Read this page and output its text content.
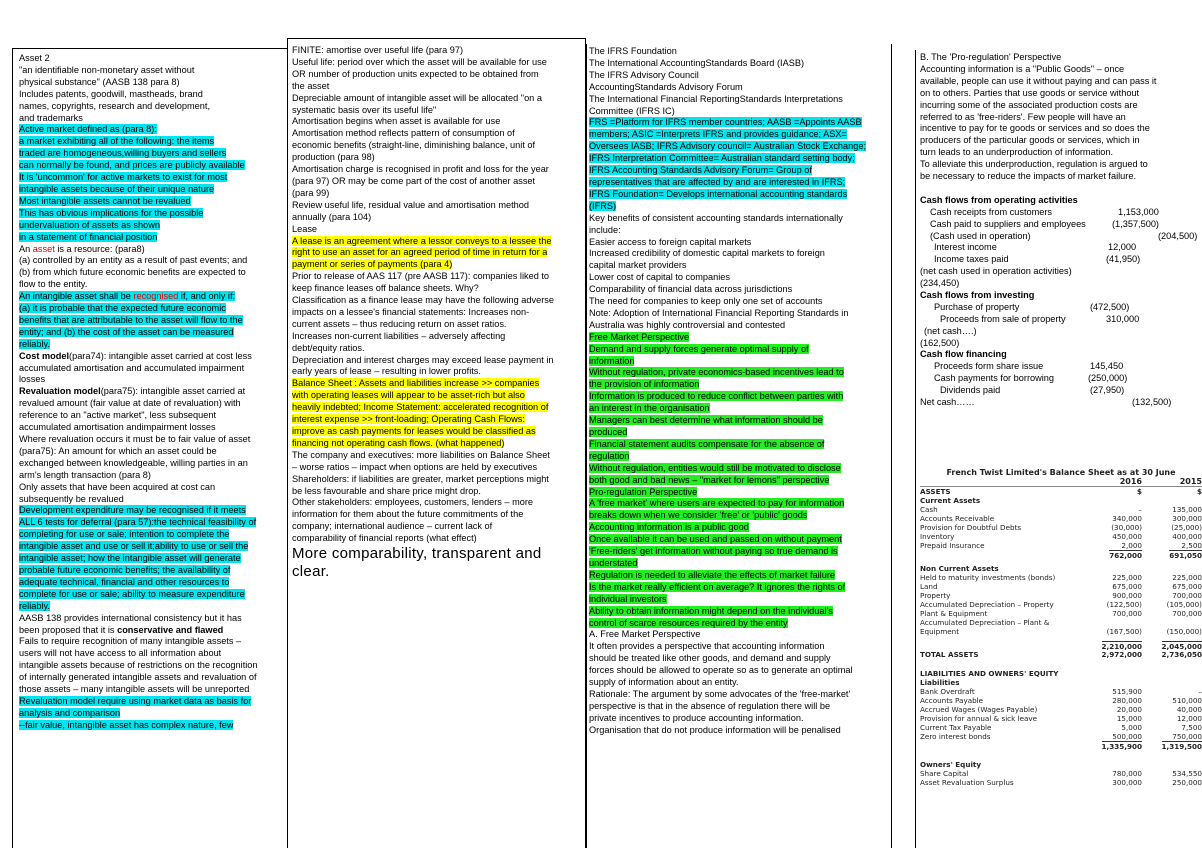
Asset 2
"an identifiable non-monetary asset without
physical substance" (AASB 138 para 8)
Includes patents, goodwill, mastheads, brand
names, copyrights, research and development,
and trademarks
Active market defined as (para 8):
a market exhibiting all of the following: the items
traded are homogeneous,willing buyers and sellers
can normally be found, and prices are publicly available
It is 'uncommon' for active markets to exist for most
intangible assets because of their unique nature
Most intangible assets cannot be revalued
This has obvious implications for the possible
undervaluation of assets as shown
in a statement of financial position
An asset is a resource: (para8)
(a) controlled by an entity as a result of past events; and
(b) from which future economic benefits are expected to
flow to the entity.
An intangible asset shall be recognised if, and only if:
(a) it is probable that the expected future economic
benefits that are attributable to the asset will flow to the
entity; and (b) the cost of the asset can be measured
reliably.
Cost model(para74): intangible asset carried at cost less
accumulated amortisation and accumulated impairment
losses
Revaluation model(para75): intangible asset carried at
revalued amount (fair value at date of revaluation) with
reference to an "active market", less subsequent
accumulated amortisation andimpairment losses
Where revaluation occurs it must be to fair value of asset
(para75): An amount for which an asset could be
exchanged between knowledgeable, willing parties in an
arm's length transaction (para 8)
Only assets that have been acquired at cost can
subsequently be revalued
Development expenditure may be recognised if it meets
ALL 6 tests for deferral (para 57):the technical feasibility of
completing for use or sale; intention to complete the
intangible asset and use or sell it;ability to use or sell the
intangible asset; how the intangible asset will generate
probable future economic benefits; the availability of
adequate technical, financial and other resources to
complete for use or sale; ability to measure expenditure
reliably.
AASB 138 provides international consistency but it has
been proposed that it is conservative and flawed
Fails to require recognition of many intangible assets –
users will not have access to all information about
intangible assets because of restrictions on the recognition
of internally generated intangible assets and revaluation of
those assets – many intangible assets will be unreported
Revaluation model require using market data as basis for
analysis and comparison
--fair value, intangible asset has complex nature, few
FINITE: amortise over useful life (para 97)
Useful life: period over which the asset will be available for use
OR number of production units expected to be obtained from
the asset
Depreciable amount of intangible asset will be allocated "on a
systematic basis over its useful life"
Amortisation begins when asset is available for use
Amortisation method reflects pattern of consumption of
economic benefits (straight-line, diminishing balance, unit of
production (para 98)
Amortisation charge is recognised in profit and loss for the year
(para 97) OR may be come part of the cost of another asset
(para 99)
Review useful life, residual value and amortisation method
annually (para 104)
Lease
A lease is an agreement where a lessor conveys to a lessee the
right to use an asset for an agreed period of time in return for a
payment or series of payments (para 4)
Prior to release of AAS 117 (pre AASB 117): companies liked to
keep finance leases off balance sheets. Why?
Classification as a finance lease may have the following adverse
impacts on a lessee's financial statements: Increases non-
current assets – thus reducing return on asset ratios.
Increases non-current liabilities – adversely affecting
debt/equity ratios.
Depreciation and interest charges may exceed lease payment in
early years of lease – resulting in lower profits.
Balance Sheet : Assets and liabilities increase >> companies
with operating leases will appear to be asset-rich but also
heavily indebted; Income Statement: accelerated recognition of
interest expense >> front-loading; Operating Cash Flows:
improve as cash payments for leases would be classified as
financing not operating cash flows. (what happened)
The company and executives: more liabilities on Balance Sheet
– worse ratios – impact when options are held by executives
Shareholders: if liabilities are greater, market perceptions might
be less favourable and share price might drop.
Other stakeholders: employees, customers, lenders – more
information for them about the future commitments of the
company; international audience – current lack of
comparability of financial reports (what effect)
More comparability, transparent and
clear.
The IFRS Foundation
The International AccountingStandards Board (IASB)
The IFRS Advisory Council
AccountingStandards Advisory Forum
The International Financial ReportingStandards Interpretations
Committee (IFRS IC)
FRS =Platform for IFRS member countries; AASB =Appoints AASB
members; ASIC =Interprets IFRS and provides guidance; ASX=
Oversees IASB; IFRS Advisory council= Australian Stock Exchange;
IFRS Interpretation Committee= Australian standard setting body;
IFRS Accounting Standards Advisory Forum= Group of
representatives that are affected by and are interested in IFRS;
IFRS Foundation= Develops international accounting standards
(IFRS)
Key benefits of consistent accounting standards internationally
include:
Easier access to foreign capital markets
Increased credibility of domestic capital markets to foreign
capital market providers
Lower cost of capital to companies
Comparability of financial data across jurisdictions
The need for companies to keep only one set of accounts
Note: Adoption of International Financial Reporting Standards in
Australia was highly controversial and contested
Free Market Perspective
Demand and supply forces generate optimal supply of
information
Without regulation, private economics-based incentives lead to
the provision of information
Information is produced to reduce conflict between parties with
an interest in the organisation
Managers can best determine what information should be
produced
Financial statement audits compensate for the absence of
regulation
Without regulation, entities would still be motivated to disclose
both good and bad news – "market for lemons" perspective
Pro-regulation Perspective
A 'free market' where users are expected to pay for information
breaks down when we consider 'free' or 'public' goods
Accounting information is a public good
Once available it can be used and passed on without payment
'Free-riders' get information without paying so true demand is
understated
Regulation is needed to alleviate the effects of market failure
Is the market really efficient on average? It ignores the rights of
individual investors
Ability to obtain information might depend on the individual's
control of scarce resources required by the entity
A. Free Market Perspective
It often provides a perspective that accounting information
should be treated like other goods, and demand and supply
forces should be allowed to operate so as to generate an optimal
supply of information about an entity.
Rationale: The argument by some advocates of the 'free-market'
perspective is that in the absence of regulation there will be
private incentives to produce accounting information.
Organisation that do not produce information will be penalised
B. The 'Pro-regulation' Perspective
Accounting information is a "Public Goods" – once
available, people can use it without paying and can pass it
on to others. Parties that use goods or service without
incurring some of the associated production costs are
referred to as 'free-riders'. Few people will have an
incentive to pay for te goods or services and so does the
producers of the particular goods or services, which in
turn leads to an underproduction of information.
To alleviate this underproduction, regulation is argued to
be necessary to reduce the impacts of market failure.

Cash flows from operating activities
Cash receipts from customers	1,153,000
Cash paid to suppliers and employees	(1,357,500)
(Cash used in operation)	(204,500)
Interest income	12,000
Income taxes paid	(41,950)
(net cash used in operation activities)
(234,450)
Cash flows from investing
Purchase of property	(472,500)
Proceeds from sale of property	310,000
(net cash….)
(162,500)
Cash flow financing
Proceeds form share issue	145,450
Cash payments for borrowing	(250,000)
Dividends paid	(27,950)
Net cash……	(132,500)
French Twist Limited's Balance Sheet as at 30 June
2016	2015
ASSETS	$	$
Current Assets
Cash	–	135,000
Accounts Receivable	340,000	300,000
Provision for Doubtful Debts	(30,000)	(25,000)
Inventory	450,000	400,000
Prepaid Insurance	2,000	2,500
762,000	691,050
Non Current Assets
Held to maturity investments (bonds)	225,000	225,000
Land	675,000	675,000
Property	900,000	700,000
Accumulated Depreciation – Property	(122,500)	(105,000)
Plant & Equipment	700,000	700,000
Accumulated Depreciation – Plant &
Equipment	(167,500)	(150,000)
2,210,000	2,045,000
TOTAL ASSETS	2,972,000	2,736,050
LIABILITIES AND OWNERS' EQUITY
Liabilities
Bank Overdraft	515,900	–
Accounts Payable	280,000	510,000
Accrued Wages (Wages Payable)	20,000	40,000
Provision for annual & sick leave	15,000	12,000
Current Tax Payable	5,000	7,500
Zero interest bonds	500,000	750,000
1,335,900	1,319,500
Owners' Equity
Share Capital	780,000	534,550
Asset Revaluation Surplus	300,000	250,000
